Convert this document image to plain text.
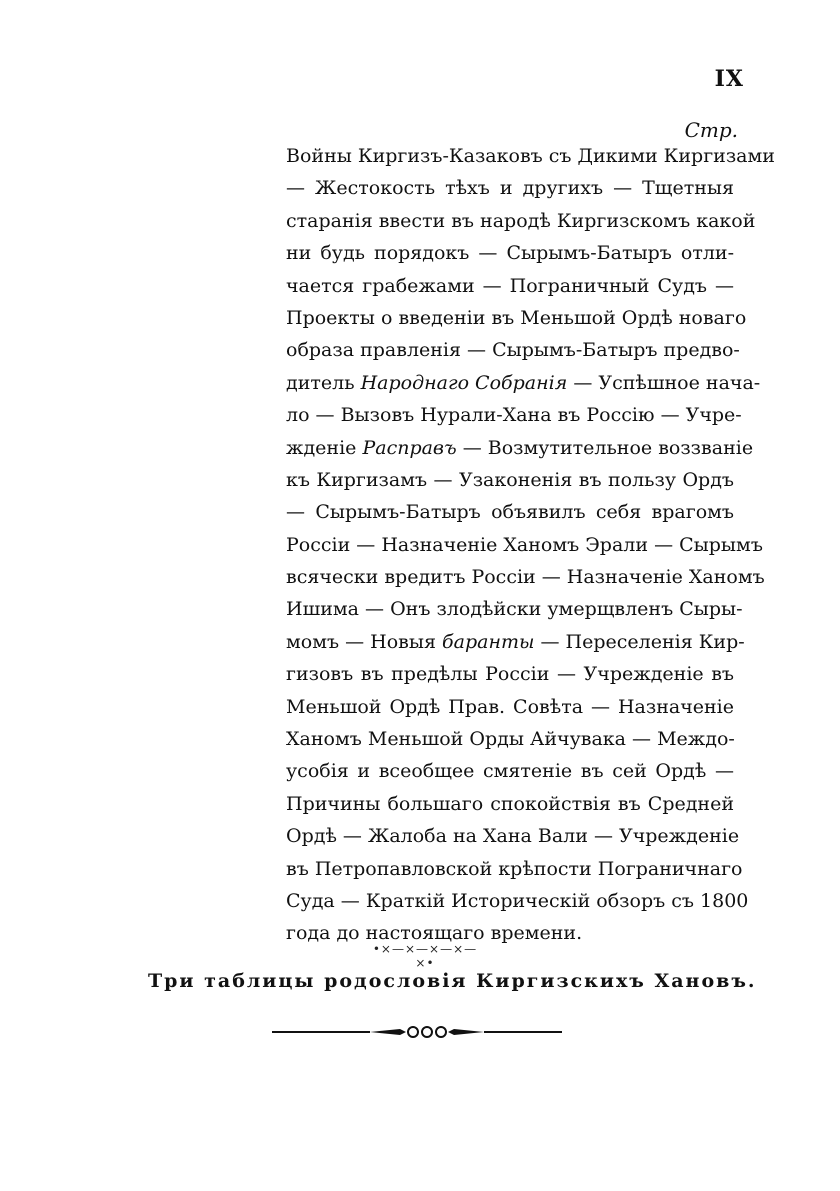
IX
Стр.
Войны Киргизъ-Казаковъ съ Дикими Киргизами
— Жестокость тѣхъ и другихъ — Тщетныя
старанія ввести въ народѣ Киргизскомъ какой
ни будь порядокъ — Сырымъ-Батыръ отли-
чается грабежами — Пограничный Судъ —
Проекты о введеніи въ Меньшой Ордѣ новаго
образа правленія — Сырымъ-Батыръ предво-
дитель Народнаго Собранія — Успѣшное нача-
ло — Вызовъ Нурали-Хана въ Россію — Учре-
жденіе Расправъ — Возмутительное воззваніе
къ Киргизамъ — Узаконенія въ пользу Ордъ
— Сырымъ-Батыръ объявилъ себя врагомъ
Россіи — Назначеніе Ханомъ Эрали — Сырымъ
всячески вредитъ Россіи — Назначеніе Ханомъ
Ишима — Онъ злодѣйски умерщвленъ Сыры-
момъ — Новыя баранты — Переселенія Кир-
гизовъ въ предѣлы Россіи — Учрежденіе въ
Меньшой Ордѣ Прав. Совѣта — Назначеніе
Ханомъ Меньшой Орды Айчувака — Междо-
усобія и всеобщее смятеніе въ сей Ордѣ —
Причины большаго спокойствія въ Средней
Ордѣ — Жалоба на Хана Вали — Учрежденіе
въ Петропавловской крѣпости Пограничнаго
Суда — Краткій Историческій обзоръ съ 1800
года до настоящаго времени.
•×—×—×—×—×•
Три таблицы родословія Киргизскихъ Хановъ.
